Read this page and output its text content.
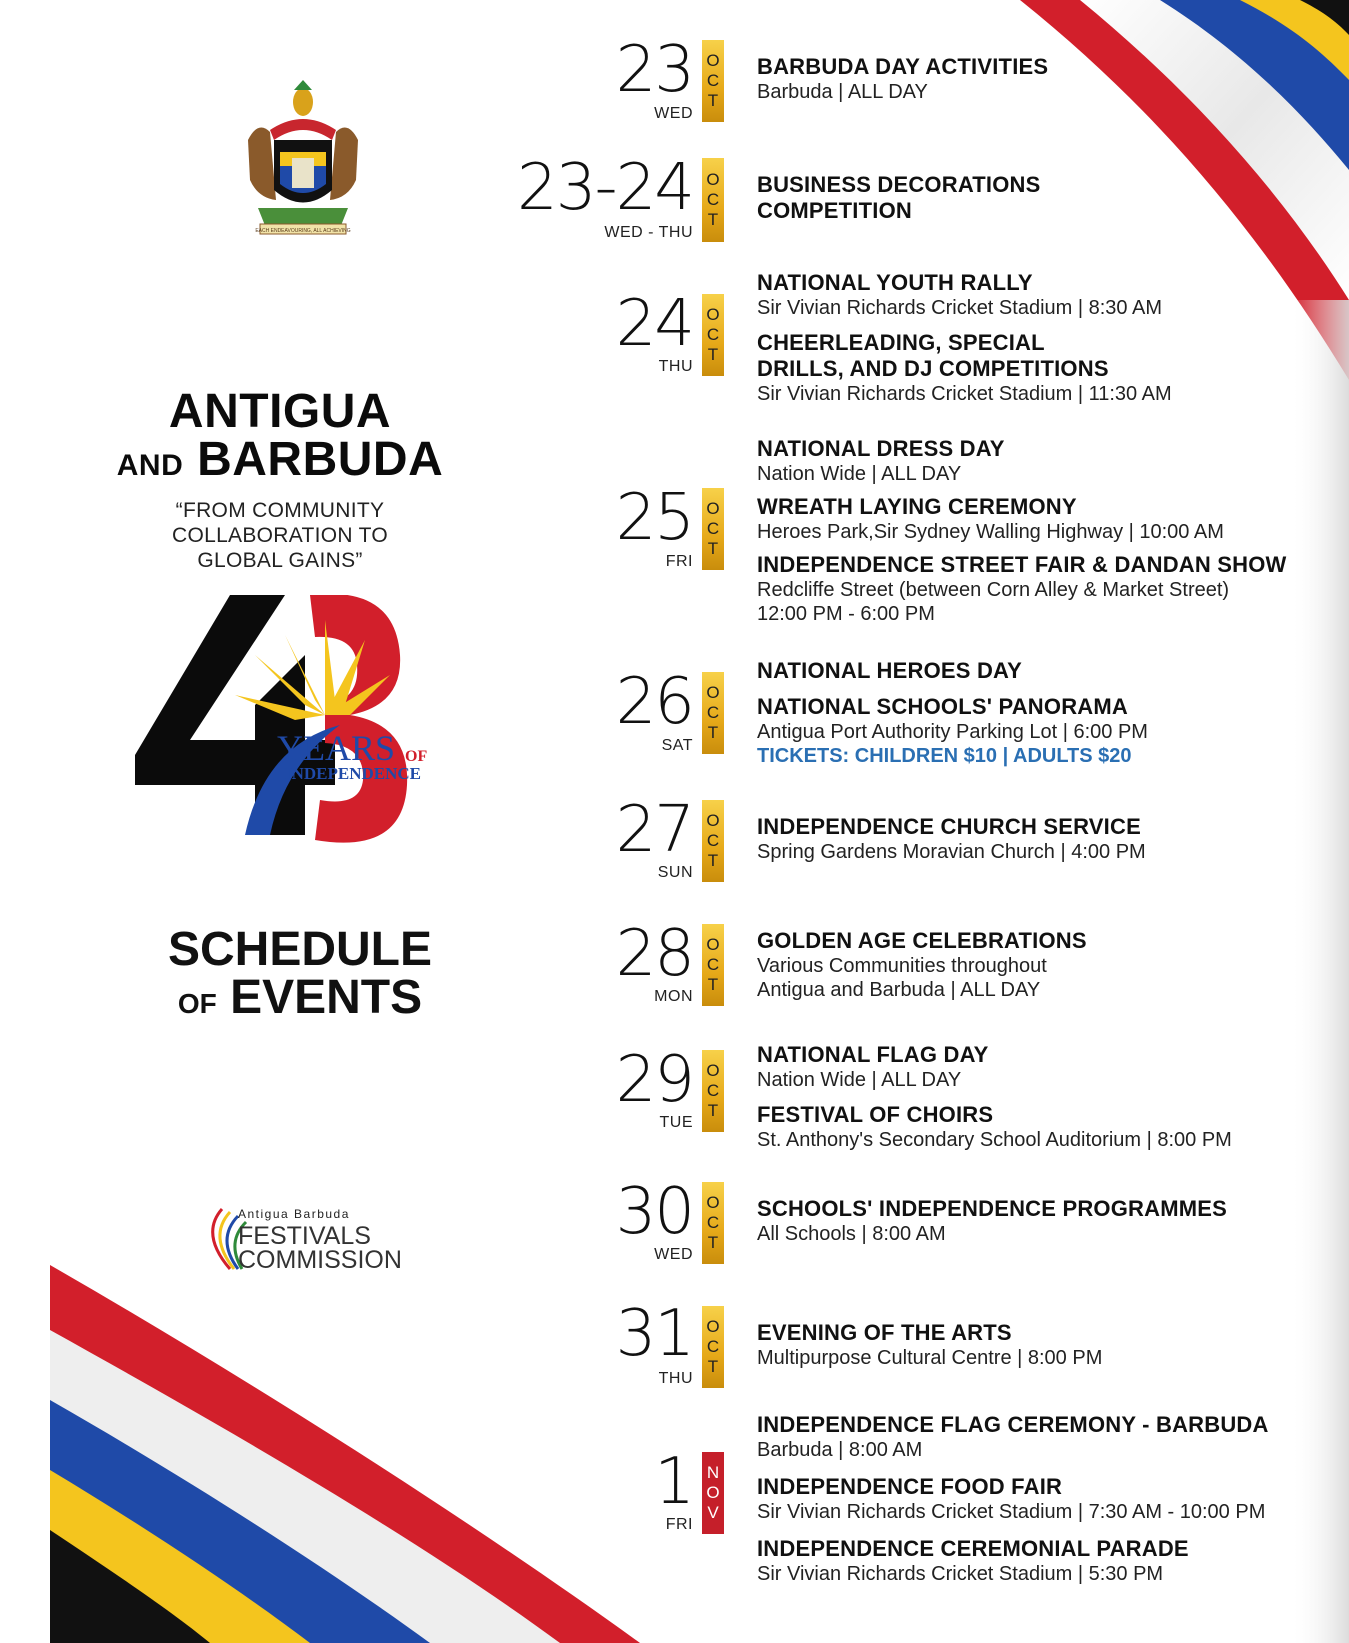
EACH ENDEAVOURING, ALL ACHIEVING
ANTIGUA
AND BARBUDA
“FROM COMMUNITY COLLABORATION TO GLOBAL GAINS”
YEARS OF
INDEPENDENCE
SCHEDULE
OF EVENTS
Antigua Barbuda
FESTIVALS
COMMISSION
23
WED
O
C
T
BARBUDA DAY ACTIVITIES
Barbuda | ALL DAY
23-24
WED - THU
O
C
T
BUSINESS DECORATIONS COMPETITION
24
THU
O
C
T
NATIONAL YOUTH RALLY
Sir Vivian Richards Cricket Stadium | 8:30 AM
CHEERLEADING, SPECIAL DRILLS, AND DJ COMPETITIONS
Sir Vivian Richards Cricket Stadium | 11:30 AM
25
FRI
O
C
T
NATIONAL DRESS DAY
Nation Wide | ALL DAY
WREATH LAYING CEREMONY
Heroes Park,Sir Sydney Walling Highway | 10:00 AM
INDEPENDENCE STREET FAIR & DANDAN SHOW
Redcliffe Street (between Corn Alley & Market Street)
12:00 PM - 6:00 PM
26
SAT
O
C
T
NATIONAL HEROES DAY
NATIONAL SCHOOLS' PANORAMA
Antigua Port Authority Parking Lot | 6:00 PM
TICKETS: CHILDREN $10 | ADULTS $20
27
SUN
O
C
T
INDEPENDENCE CHURCH SERVICE
Spring Gardens Moravian Church | 4:00 PM
28
MON
O
C
T
GOLDEN AGE CELEBRATIONS
Various Communities throughout
Antigua and Barbuda | ALL DAY
29
TUE
O
C
T
NATIONAL FLAG DAY
Nation Wide | ALL DAY
FESTIVAL OF CHOIRS
St. Anthony's Secondary School Auditorium | 8:00 PM
30
WED
O
C
T
SCHOOLS' INDEPENDENCE PROGRAMMES
All Schools | 8:00 AM
31
THU
O
C
T
EVENING OF THE ARTS
Multipurpose Cultural Centre | 8:00 PM
1
FRI
N
O
V
INDEPENDENCE FLAG CEREMONY - BARBUDA
Barbuda | 8:00 AM
INDEPENDENCE FOOD FAIR
Sir Vivian Richards Cricket Stadium | 7:30 AM - 10:00 PM
INDEPENDENCE CEREMONIAL PARADE
Sir Vivian Richards Cricket Stadium | 5:30 PM
